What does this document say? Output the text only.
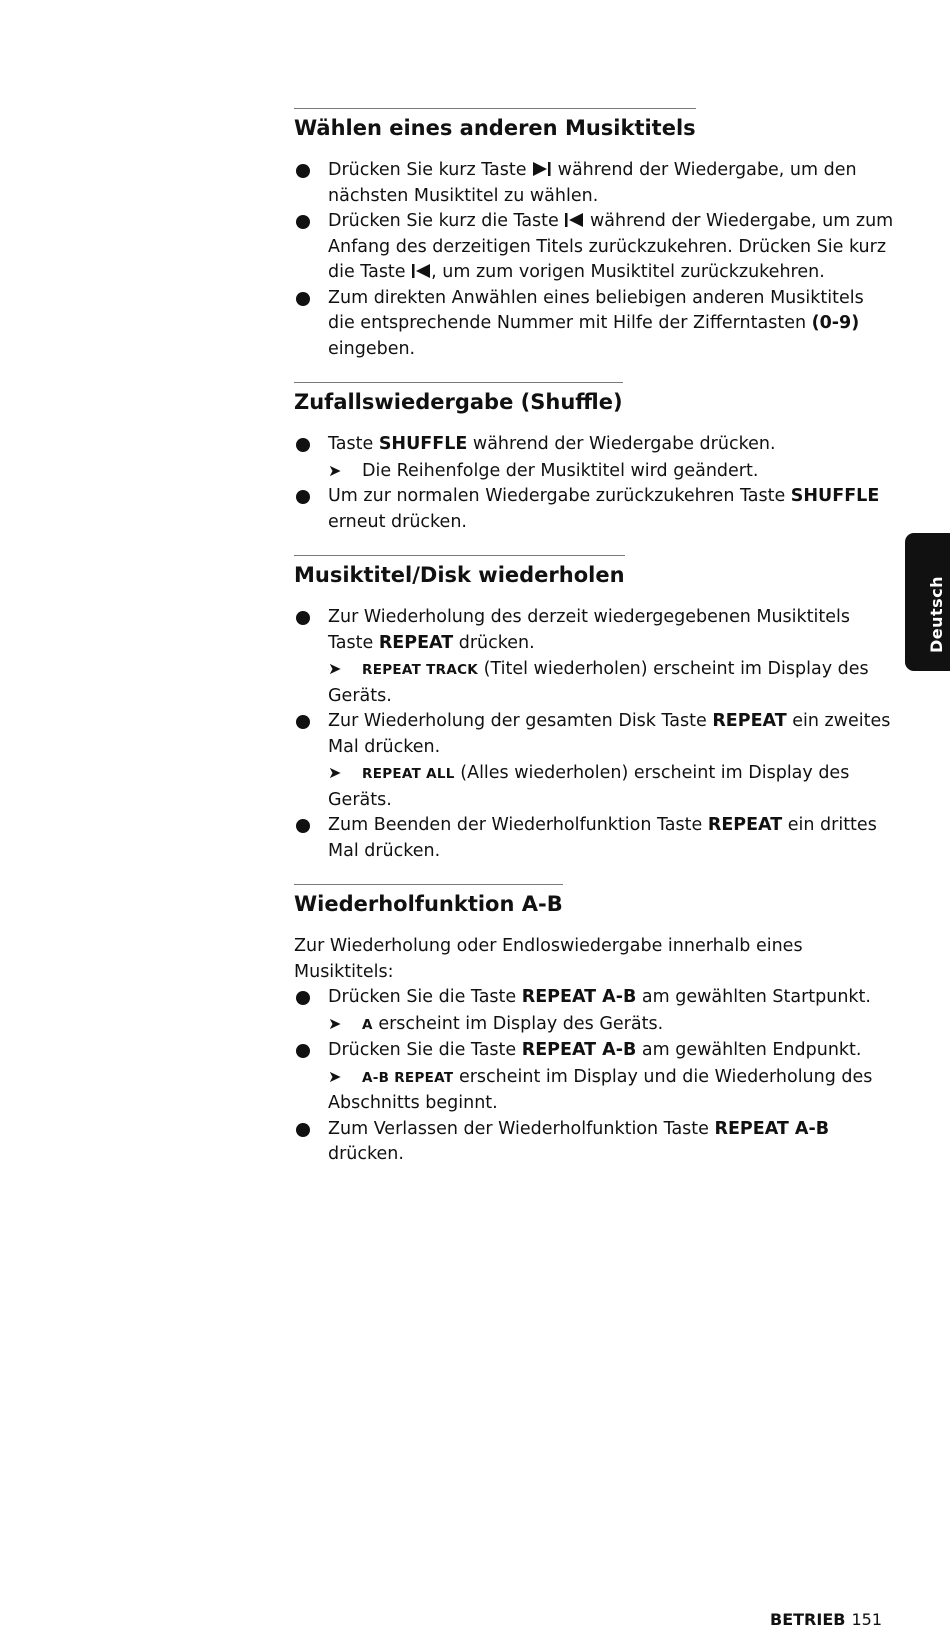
Wählen eines anderen Musiktitels
Drücken Sie kurz Taste  während der Wiedergabe, um den nächsten Musiktitel zu wählen.
Drücken Sie kurz die Taste  während der Wiedergabe, um zum Anfang des derzeitigen Titels zurückzukehren. Drücken Sie kurz die Taste , um zum vorigen Musiktitel zurückzukehren.
Zum direkten Anwählen eines beliebigen anderen Musiktitels die entsprechende Nummer mit Hilfe der Zifferntasten (0-9) eingeben.
Zufallswiedergabe (Shuffle)
Taste SHUFFLE während der Wiedergabe drücken.
➤ Die Reihenfolge der Musiktitel wird geändert.
Um zur normalen Wiedergabe zurückzukehren Taste SHUFFLE erneut drücken.
Musiktitel/Disk wiederholen
Zur Wiederholung des derzeit wiedergegebenen Musiktitels Taste REPEAT drücken.
➤ REPEAT TRACK (Titel wiederholen) erscheint im Display des Geräts.
Zur Wiederholung der gesamten Disk Taste REPEAT ein zweites Mal drücken.
➤ REPEAT ALL (Alles wiederholen) erscheint im Display des Geräts.
Zum Beenden der Wiederholfunktion Taste REPEAT ein drittes Mal drücken.
Wiederholfunktion A-B

Zur Wiederholung oder Endloswiedergabe innerhalb eines Musiktitels:

Drücken Sie die Taste REPEAT A-B am gewählten Startpunkt.
➤ A erscheint im Display des Geräts.
Drücken Sie die Taste REPEAT A-B am gewählten Endpunkt.
➤ A-B REPEAT erscheint im Display und die Wiederholung des Abschnitts beginnt.
Zum Verlassen der Wiederholfunktion Taste REPEAT A-B drücken.
Deutsch
BETRIEB 151
